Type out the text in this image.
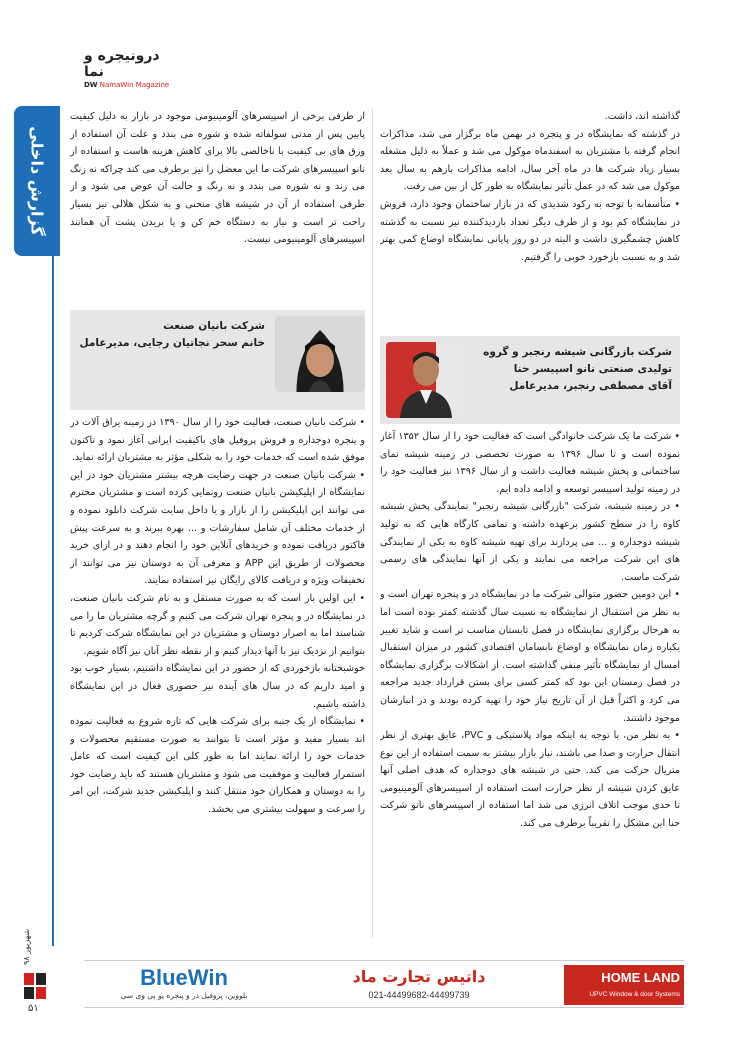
درونیجره و نما
DW NamaWin Magazine
گزارش داخلی

گذاشته اند، داشت.

در گذشته که نمایشگاه در و پنجره در بهمن ماه برگزار می شد، مذاکرات انجام گرفته با مشتریان به اسفندماه موکول می شد و عملاً به دلیل مشغله بسیار زیاد شرکت ها در ماه آخر سال، ادامه مذاکرات بازهم به سال بعد موکول می شد که در عمل تأثیر نمایشگاه به طور کل از بین می رفت.

• متأسفانه با توجه به رکود شدیدی که در بازار ساختمان وجود دارد، فروش در نمایشگاه کم بود و از طرف دیگر تعداد بازدیدکننده نیز نسبت به گذشته کاهش چشمگیری داشت و البته در دو روز پایانی نمایشگاه اوضاع کمی بهتر شد و به نسبت بازخورد خوبی را گرفتیم.

شرکت بازرگانی شیشه رنجبر و گروه تولیدی صنعتی نانو اسپیسر حنا
آقای مصطفی رنجبر، مدیرعامل

• شرکت ما یک شرکت خانوادگی است که فعالیت خود را از سال ۱۳۵۲ آغاز نموده است و تا سال ۱۳۹۶ به صورت تخصصی در زمینه شیشه نمای ساختمانی و پخش شیشه فعالیت داشت و از سال ۱۳۹۶ نیز فعالیت خود را در زمینه تولید اسپیسر توسعه و ادامه داده ایم.

• در زمینه شیشه، شرکت "بازرگانی شیشه رنجبر" نمایندگی پخش شیشه کاوه را در سطح کشور برعهده داشته و تمامی کارگاه هایی که به تولید شیشه دوجداره و ... می پردازند برای تهیه شیشه کاوه به یکی از نمایندگی های این شرکت مراجعه می نمایند و یکی از آنها نمایندگی های رسمی شرکت ماست.

• این دومین حضور متوالی شرکت ما در نمایشگاه در و پنجره تهران است و به نظر من استقبال از نمایشگاه به نسبت سال گذشته کمتر بوده است اما به هرحال برگزاری نمایشگاه در فصل تابستان مناسب تر است و شاید تغییر یکباره زمان نمایشگاه و اوضاع نابسامان اقتصادی کشور در میزان استقبال امسال از نمایشگاه تأثیر منفی گذاشته است. از اشکالات برگزاری نمایشگاه در فصل زمستان این بود که کمتر کسی برای بستن قرارداد جدید مراجعه می کرد و اکثراً قبل از آن تاریخ نیاز خود را تهیه کرده بودند و در انبارشان موجود داشتند.

• به نظر من، با توجه به اینکه مواد پلاستیکی و PVC، عایق بهتری از نظر انتقال حرارت و صدا می باشند، نیاز بازار بیشتر به سمت استفاده از این نوع متریال حرکت می کند. حتی در شیشه های دوجداره که هدف اصلی آنها عایق کردن شیشه از نظر حرارت است استفاده از اسپیسرهای آلومینیومی تا حدی موجب اتلاف انرژی می شد اما استفاده از اسپیسرهای نانو شرکت حنا این مشکل را تقریباً برطرف می کند.

از طرفی برخی از اسپیسرهای آلومینیومی موجود در بازار به دلیل کیفیت پایین پس از مدتی سولفاته شده و شوره می بندد و علت آن استفاده از ورق های بی کیفیت با ناخالصی بالا برای کاهش هزینه هاست و استفاده از نانو اسپیسرهای شرکت ما این معضل را نیز برطرف می کند چراکه نه زنگ می زند و نه شوره می بندد و نه رنگ و حالت آن عوض می شود و از طرفی استفاده از آن در شیشه های منحنی و به شکل هلالی نیز بسیار راحت تر است و نیاز به دستگاه خم کن و یا بریدن پشت آن همانند اسپیسرهای آلومینیومی نیست.

شرکت بانیان صنعت
خانم سحر نجاتیان رجایی، مدیرعامل

• شرکت بانیان صنعت، فعالیت خود را از سال ۱۳۹۰ در زمینه یراق آلات در و پنجره دوجداره و فروش پروفیل های باکیفیت ایرانی آغاز نمود و تاکنون موفق شده است که خدمات خود را به شکلی مؤثر به مشتریان ارائه نماید.

• شرکت بانیان صنعت در جهت رضایت هرچه بیشتر مشتریان خود در این نمایشگاه از اپلیکیشن بانیان صنعت رونمایی کرده است و مشتریان محترم می توانند این اپلیکیشن را از بازار و یا داخل سایت شرکت دانلود نموده و از خدمات مختلف آن شامل سفارشات و ... بهره ببرند و به سرعت پیش فاکتور دریافت نموده و خریدهای آنلاین خود را انجام دهند و در ازای خرید محصولات از طریق این APP و معرفی آن به دوستان نیز می توانند از تخفیفات ویژه و دریافت کالای رایگان نیز استفاده نمایند.

• این اولین بار است که به صورت مستقل و به نام شرکت بانیان صنعت، در نمایشگاه در و پنجره تهران شرکت می کنیم و گرچه مشتریان ما را می شناسند اما به اصرار دوستان و مشتریان در این نمایشگاه شرکت کردیم تا بتوانیم از نزدیک نیز با آنها دیدار کنیم و از نقطه نظر آنان نیز آگاه شویم.

خوشبختانه بازخوردی که از حضور در این نمایشگاه داشتیم، بسیار خوب بود و امید داریم که در سال های آینده نیز حضوری فعال در این نمایشگاه داشته باشیم.

• نمایشگاه از یک جنبه برای شرکت هایی که تازه شروع به فعالیت نموده اند بسیار مفید و مؤثر است تا بتوانند به صورت مستقیم محصولات و خدمات خود را ارائه نمایند اما به طور کلی این کیفیت است که عامل استمرار فعالیت و موفقیت می شود و مشتریان هستند که باید رضایت خود را به دوستان و همکاران خود منتقل کنند و اپلیکیشن جدید شرکت، این امر را سرعت و سهولت بیشتری می بخشد.

HOME LAND
UPVC Window & door Systems
داتیس تجارت ماد
021-44499682-44499739
BlueWin
بلووین، پروفیل در و پنجره یو پی وی سی
شهریور ۹۸
۵۱
